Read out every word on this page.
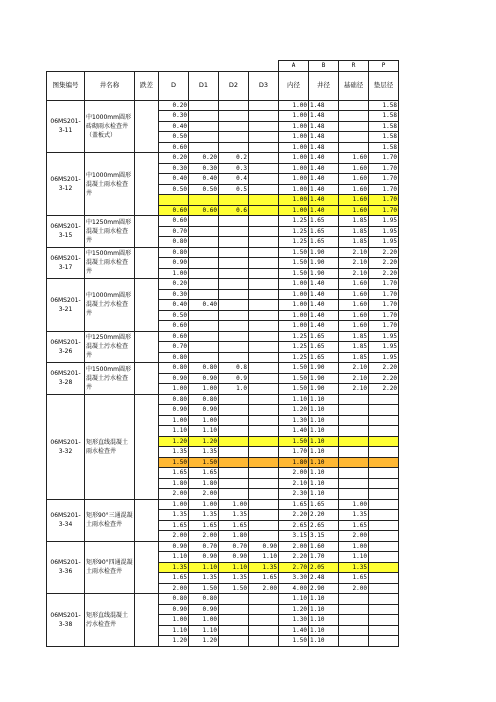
							A	B	R	P
图集编号	井名称	跌差	D	D1	D2	D3	内径	井径	基础径	垫层径
06MS201-3-11	中1000mm圆形砖砌雨水检查井（盖板式）		0.20				1.00	1.48		1.58
			0.30				1.00	1.48		1.58
			0.40				1.00	1.48		1.58
			0.50				1.00	1.48		1.58
			0.60				1.00	1.48		1.58
06MS201-3-12	中1000mm圆形混凝土雨水检查井		0.20	0.20	0.2		1.00	1.40	1.60	1.70
			0.30	0.30	0.3		1.00	1.40	1.60	1.70
			0.40	0.40	0.4		1.00	1.40	1.60	1.70
			0.50	0.50	0.5		1.00	1.40	1.60	1.70
							1.00	1.40	1.60	1.70
			0.60	0.60	0.6		1.00	1.40	1.60	1.70
06MS201-3-15	中1250mm圆形混凝土雨水检查井		0.60				1.25	1.65	1.85	1.95
			0.70				1.25	1.65	1.85	1.95
			0.80				1.25	1.65	1.85	1.95
06MS201-3-17	中1500mm圆形混凝土雨水检查井		0.80				1.50	1.90	2.10	2.20
			0.90				1.50	1.90	2.10	2.20
			1.00				1.50	1.90	2.10	2.20
06MS201-3-21	中1000mm圆形混凝土污水检查井		0.20				1.00	1.40	1.60	1.70
			0.30				1.00	1.40	1.60	1.70
			0.40	0.40			1.00	1.40	1.60	1.70
			0.50				1.00	1.40	1.60	1.70
			0.60				1.00	1.40	1.60	1.70
06MS201-3-26	中1250mm圆形混凝土污水检查井		0.60				1.25	1.65	1.85	1.95
			0.70				1.25	1.65	1.85	1.95
			0.80				1.25	1.65	1.85	1.95
06MS201-3-28	中1500mm圆形混凝土污水检查井		0.80	0.80	0.8		1.50	1.90	2.10	2.20
			0.90	0.90	0.9		1.50	1.90	2.10	2.20
			1.00	1.00	1.0		1.50	1.90	2.10	2.20
06MS201-3-32	矩形直线混凝土雨水检查井		0.80	0.80			1.10	1.10		
			0.90	0.90			1.20	1.10		
			1.00	1.00			1.30	1.10		
			1.10	1.10			1.40	1.10		
			1.20	1.20			1.50	1.10		
			1.35	1.35			1.70	1.10		
			1.50	1.50			1.80	1.10		
			1.65	1.65			2.00	1.10		
			1.80	1.80			2.10	1.10		
			2.00	2.00			2.30	1.10		
06MS201-3-34	矩形90°三通混凝土雨水检查井		1.00	1.00	1.00		1.65	1.65	1.00	
			1.35	1.35	1.35		2.20	2.20	1.35	
			1.65	1.65	1.65		2.65	2.65	1.65	
			2.00	2.00	1.80		3.15	3.15	2.00	
06MS201-3-36	矩形90°四通混凝土雨水检查井		0.90	0.70	0.70	0.90	2.00	1.60	1.00	
			1.10	0.90	0.90	1.10	2.20	1.70	1.10	
			1.35	1.10	1.10	1.35	2.70	2.05	1.35	
			1.65	1.35	1.35	1.65	3.30	2.48	1.65	
			2.00	1.50	1.50	2.00	4.00	2.90	2.00	
06MS201-3-38	矩形直线混凝土污水检查井		0.80	0.80			1.10	1.10		
			0.90	0.90			1.20	1.10		
			1.00	1.00			1.30	1.10		
			1.10	1.10			1.40	1.10		
			1.20	1.20			1.50	1.10		
